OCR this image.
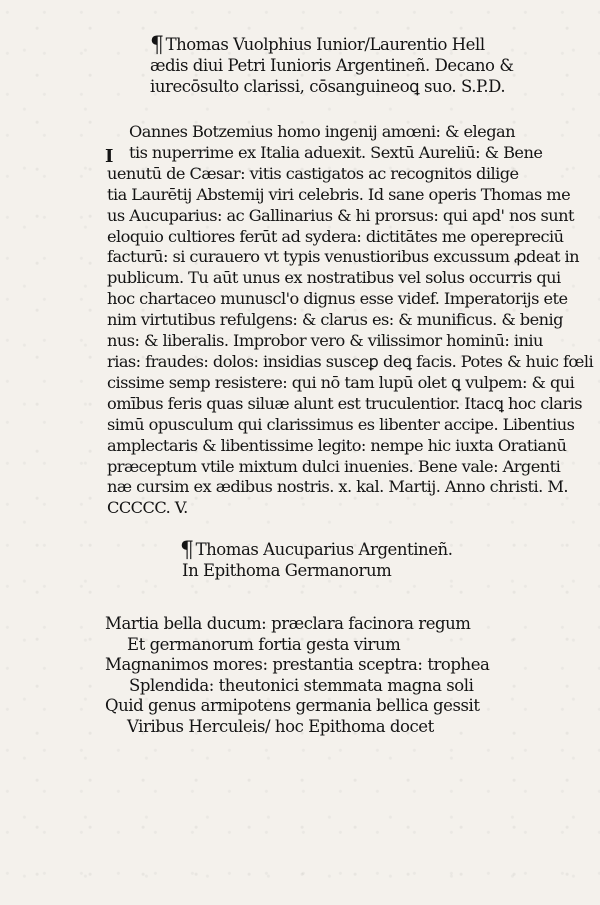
¶ Thomas Vuolphius Iunior/Laurentio Hell
ædis diui Petri Iunioris Argentineñ. Decano &
iurecōsulto clarissi, cōsanguineoꝗ suo. S.P.D.
I
Oannes Botzemius homo ingenij amœni: & elegan
tis nuperrime ex Italia aduexit. Sextū Aureliū: & Bene
uenutū de Cæsar: vitis castigatos ac recognitos dilige
tia Laurētij Abstemij viri celebris. Id sane operis Thomas me
us Aucuparius: ac Gallinarius & hi prorsus: qui apd' nos sunt
eloquio cultiores ferūt ad sydera: dictitātes me operepreciū
facturū: si curauero vt typis venustioribus excussum ꝓdeat in
publicum. Tu aūt unus ex nostratibus vel solus occurris qui
hoc chartaceo munuscl'o dignus esse videf. Imperatorijs ete
nim virtutibus refulgens: & clarus es: & munificus. & benig
nus: & liberalis. Improbor vero & vilissimor hominū: iniu
rias: fraudes: dolos: insidias susceꝑ deꝗ facis. Potes & huic fœli
cissime semp resistere: qui nō tam lupū olet ꝗ vulpem: & qui
omībus feris quas siluæ alunt est truculentior. Itacꝗ hoc claris
simū opusculum qui clarissimus es libenter accipe. Libentius
amplectaris & libentissime legito: nempe hic iuxta Oratianū
præceptum vtile mixtum dulci inuenies. Bene vale: Argenti
næ cursim ex ædibus nostris. x. kal. Martij. Anno christi. M.
CCCCC. V.
¶ Thomas Aucuparius Argentineñ.
In Epithoma Germanorum
Martia bella ducum: præclara facinora regum
Et germanorum fortia gesta virum
Magnanimos mores: prestantia sceptra: trophea
Splendida: theutonici stemmata magna soli
Quid genus armipotens germania bellica gessit
Viribus Herculeis/ hoc Epithoma docet
